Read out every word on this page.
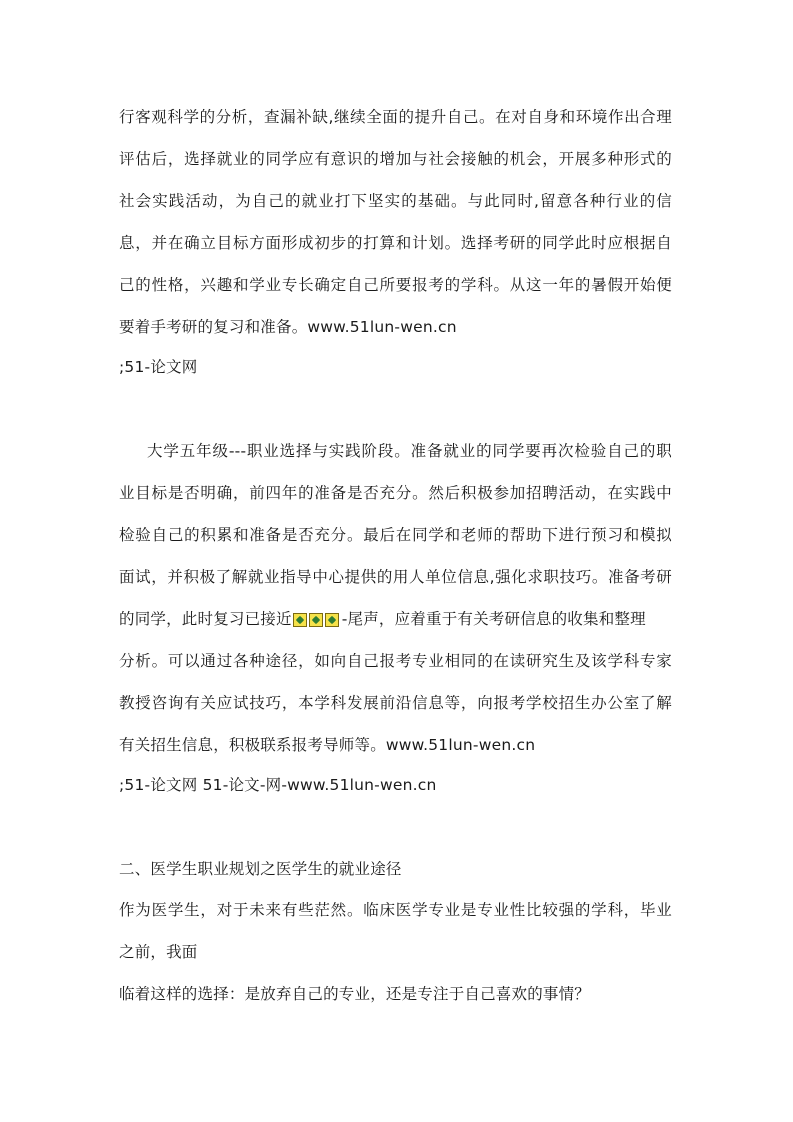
行客观科学的分析，查漏补缺,继续全面的提升自己。在对自身和环境作出合理
评估后，选择就业的同学应有意识的增加与社会接触的机会，开展多种形式的
社会实践活动，为自己的就业打下坚实的基础。与此同时,留意各种行业的信
息，并在确立目标方面形成初步的打算和计划。选择考研的同学此时应根据自
己的性格，兴趣和学业专长确定自己所要报考的学科。从这一年的暑假开始便
要着手考研的复习和准备。www.51lun-wen.cn
;51-论文网
大学五年级---职业选择与实践阶段。准备就业的同学要再次检验自己的职
业目标是否明确，前四年的准备是否充分。然后积极参加招聘活动，在实践中
检验自己的积累和准备是否充分。最后在同学和老师的帮助下进行预习和模拟
面试，并积极了解就业指导中心提供的用人单位信息,强化求职技巧。准备考研
的同学，此时复习已接近	-尾声，应着重于有关考研信息的收集和整理
分析。可以通过各种途径，如向自己报考专业相同的在读研究生及该学科专家
教授咨询有关应试技巧，本学科发展前沿信息等，向报考学校招生办公室了解
有关招生信息，积极联系报考导师等。www.51lun-wen.cn
;51-论文网 51-论文-网-www.51lun-wen.cn
二、医学生职业规划之医学生的就业途径
作为医学生，对于未来有些茫然。临床医学专业是专业性比较强的学科，毕业
之前，我面
临着这样的选择：是放弃自己的专业，还是专注于自己喜欢的事情？
